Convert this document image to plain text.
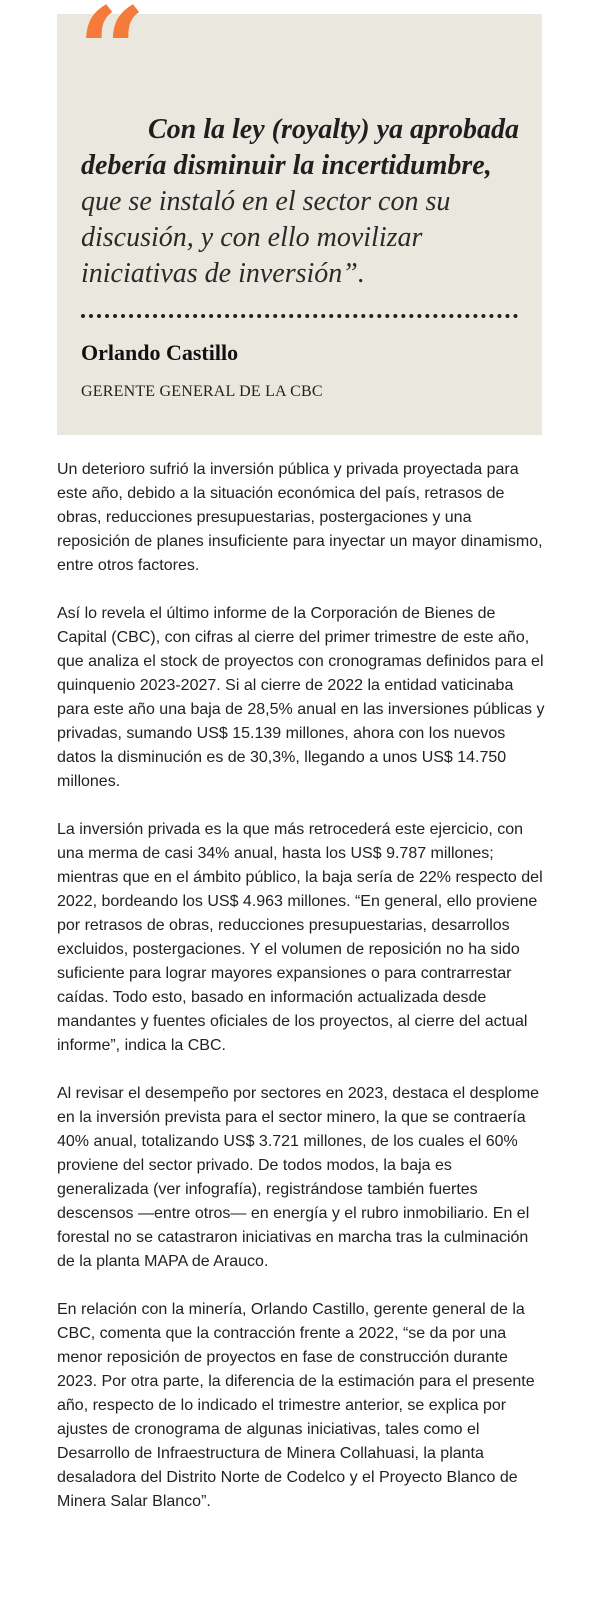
“

Con la ley (royalty) ya aprobada debería disminuir la incertidumbre, que se instaló en el sector con su discusión, y con ello movilizar iniciativas de inversión”.

Orlando Castillo

GERENTE GENERAL DE LA CBC

Un deterioro sufrió la inversión pública y privada proyectada para este año, debido a la situación económica del país, retrasos de obras, reducciones presupuestarias, postergaciones y una reposición de planes insuficiente para inyectar un mayor dinamismo, entre otros factores.

Así lo revela el último informe de la Corporación de Bienes de Capital (CBC), con cifras al cierre del primer trimestre de este año, que analiza el stock de proyectos con cronogramas definidos para el quinquenio 2023-2027. Si al cierre de 2022 la entidad vaticinaba para este año una baja de 28,5% anual en las inversiones públicas y privadas, sumando US$ 15.139 millones, ahora con los nuevos datos la disminución es de 30,3%, llegando a unos US$ 14.750 millones.

La inversión privada es la que más retrocederá este ejercicio, con una merma de casi 34% anual, hasta los US$ 9.787 millones; mientras que en el ámbito público, la baja sería de 22% respecto del 2022, bordeando los US$ 4.963 millones. “En general, ello proviene por retrasos de obras, reducciones presupuestarias, desarrollos excluidos, postergaciones. Y el volumen de reposición no ha sido suficiente para lograr mayores expansiones o para contrarrestar caídas. Todo esto, basado en información actualizada desde mandantes y fuentes oficiales de los proyectos, al cierre del actual informe”, indica la CBC.

Al revisar el desempeño por sectores en 2023, destaca el desplome en la inversión prevista para el sector minero, la que se contraería 40% anual, totalizando US$ 3.721 millones, de los cuales el 60% proviene del sector privado. De todos modos, la baja es generalizada (ver infografía), registrándose también fuertes descensos —entre otros— en energía y el rubro inmobiliario. En el forestal no se catastraron iniciativas en marcha tras la culminación de la planta MAPA de Arauco.

En relación con la minería, Orlando Castillo, gerente general de la CBC, comenta que la contracción frente a 2022, “se da por una menor reposición de proyectos en fase de construcción durante 2023. Por otra parte, la diferencia de la estimación para el presente año, respecto de lo indicado el trimestre anterior, se explica por ajustes de cronograma de algunas iniciativas, tales como el Desarrollo de Infraestructura de Minera Collahuasi, la planta desaladora del Distrito Norte de Codelco y el Proyecto Blanco de Minera Salar Blanco”.
